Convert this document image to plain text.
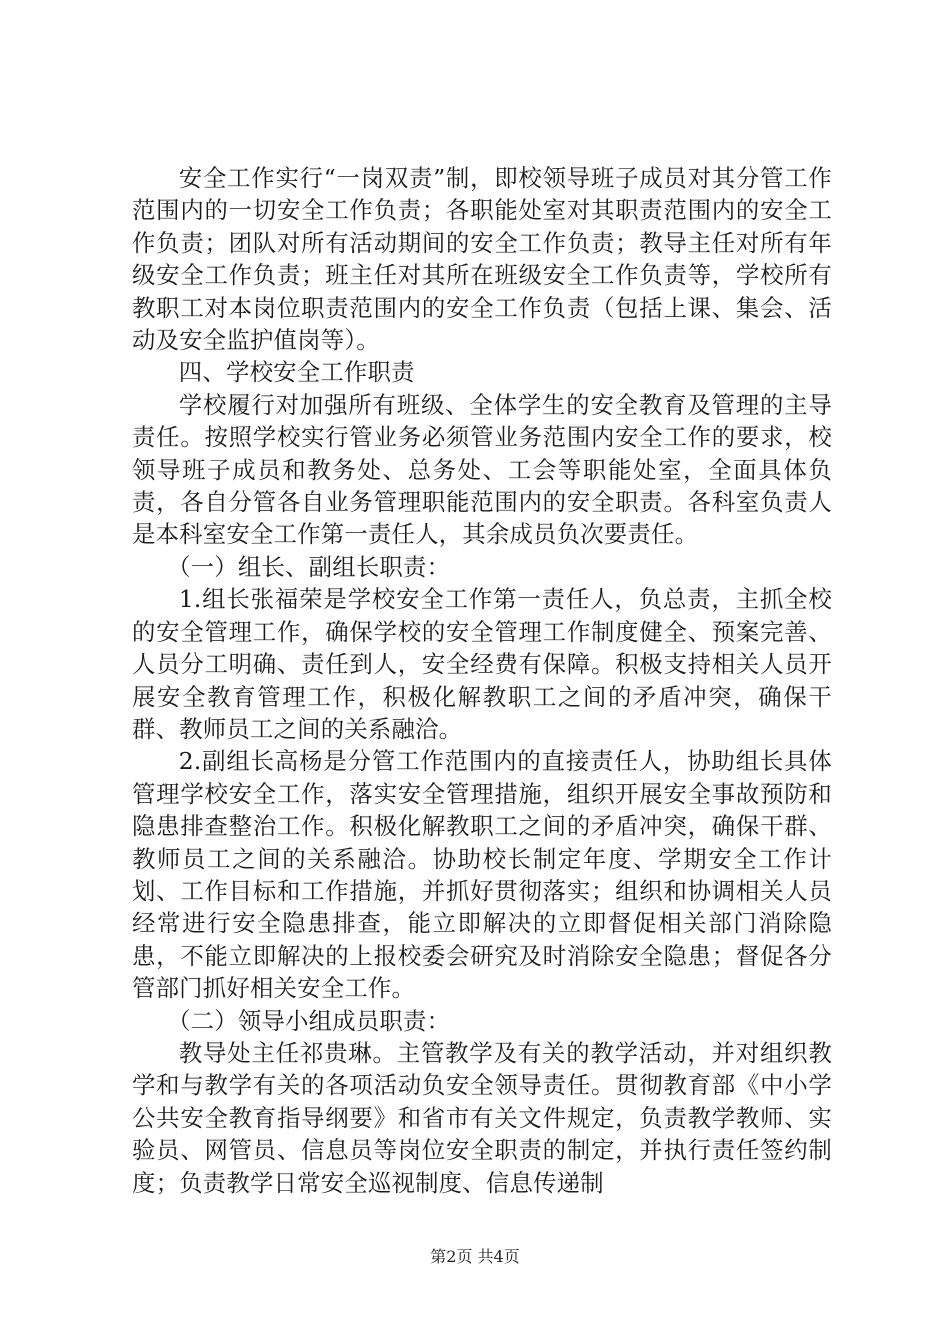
安全工作实行“一岗双责”制，即校领导班子成员对其分管工作范围内的一切安全工作负责；各职能处室对其职责范围内的安全工作负责；团队对所有活动期间的安全工作负责；教导主任对所有年级安全工作负责；班主任对其所在班级安全工作负责等，学校所有教职工对本岗位职责范围内的安全工作负责（包括上课、集会、活动及安全监护值岗等）。

四、学校安全工作职责

学校履行对加强所有班级、全体学生的安全教育及管理的主导责任。按照学校实行管业务必须管业务范围内安全工作的要求，校领导班子成员和教务处、总务处、工会等职能处室，全面具体负责，各自分管各自业务管理职能范围内的安全职责。各科室负责人是本科室安全工作第一责任人，其余成员负次要责任。

（一）组长、副组长职责：

1.组长张福荣是学校安全工作第一责任人，负总责，主抓全校的安全管理工作，确保学校的安全管理工作制度健全、预案完善、人员分工明确、责任到人，安全经费有保障。积极支持相关人员开展安全教育管理工作，积极化解教职工之间的矛盾冲突，确保干群、教师员工之间的关系融洽。

2.副组长高杨是分管工作范围内的直接责任人，协助组长具体管理学校安全工作，落实安全管理措施，组织开展安全事故预防和隐患排查整治工作。积极化解教职工之间的矛盾冲突，确保干群、教师员工之间的关系融洽。协助校长制定年度、学期安全工作计划、工作目标和工作措施，并抓好贯彻落实；组织和协调相关人员经常进行安全隐患排查，能立即解决的立即督促相关部门消除隐患，不能立即解决的上报校委会研究及时消除安全隐患；督促各分管部门抓好相关安全工作。

（二）领导小组成员职责：

教导处主任祁贵琳。主管教学及有关的教学活动，并对组织教学和与教学有关的各项活动负安全领导责任。贯彻教育部《中小学公共安全教育指导纲要》和省市有关文件规定，负责教学教师、实验员、网管员、信息员等岗位安全职责的制定，并执行责任签约制度；负责教学日常安全巡视制度、信息传递制

第2页 共4页
